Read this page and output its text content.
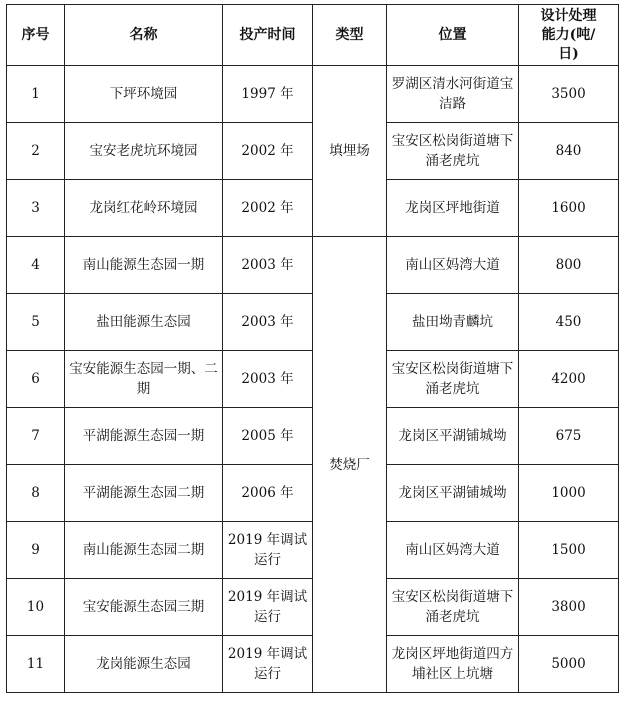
序号	名称	投产时间	类型	位置	设计处理
能力(吨/
日)

1	下坪环境园	1997 年	填埋场	罗湖区清水河街道宝洁路	3500
2	宝安老虎坑环境园	2002 年		宝安区松岗街道塘下涌老虎坑	840
3	龙岗红花岭环境园	2002 年		龙岗区坪地街道	1600
4	南山能源生态园一期	2003 年	焚烧厂	南山区妈湾大道	800
5	盐田能源生态园	2003 年		盐田坳青麟坑	450
6	宝安能源生态园一期、二期	2003 年		宝安区松岗街道塘下涌老虎坑	4200
7	平湖能源生态园一期	2005 年		龙岗区平湖铺城坳	675
8	平湖能源生态园二期	2006 年		龙岗区平湖铺城坳	1000
9	南山能源生态园二期	2019 年调试运行		南山区妈湾大道	1500
10	宝安能源生态园三期	2019 年调试运行		宝安区松岗街道塘下涌老虎坑	3800
11	龙岗能源生态园	2019 年调试运行		龙岗区坪地街道四方埔社区上坑塘	5000
